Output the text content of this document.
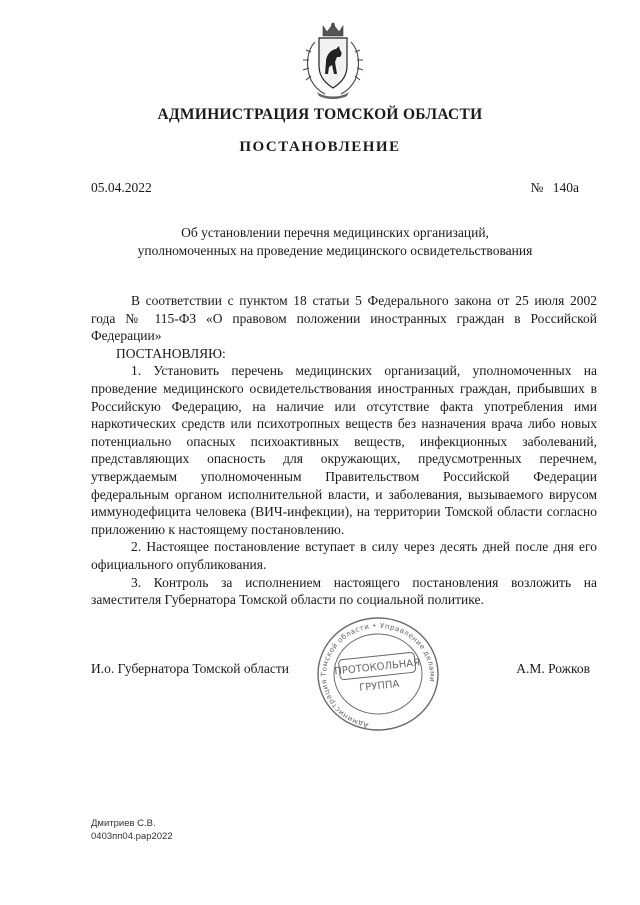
АДМИНИСТРАЦИЯ ТОМСКОЙ ОБЛАСТИ
ПОСТАНОВЛЕНИЕ
05.04.2022	№ 140а
Об установлении перечня медицинских организаций,
уполномоченных на проведение медицинского освидетельствования

В соответствии с пунктом 18 статьи 5 Федерального закона от 25 июля 2002 года № 115-ФЗ «О правовом положении иностранных граждан в Российской Федерации»

ПОСТАНОВЛЯЮ:

1. Установить перечень медицинских организаций, уполномоченных на проведение медицинского освидетельствования иностранных граждан, прибывших в Российскую Федерацию, на наличие или отсутствие факта употребления ими наркотических средств или психотропных веществ без назначения врача либо новых потенциально опасных психоактивных веществ, инфекционных заболеваний, представляющих опасность для окружающих, предусмотренных перечнем, утверждаемым уполномоченным Правительством Российской Федерации федеральным органом исполнительной власти, и заболевания, вызываемого вирусом иммунодефицита человека (ВИЧ-инфекции), на территории Томской области согласно приложению к настоящему постановлению.

2. Настоящее постановление вступает в силу через десять дней после дня его официального опубликования.

3. Контроль за исполнением настоящего постановления возложить на заместителя Губернатора Томской области по социальной политике.

Администрация Томской области • Управление делами
ПРОТОКОЛЬНАЯ
ГРУППА
И.о. Губернатора Томской области	А.М. Рожков
Дмитриев С.В.
0403пп04.рар2022
